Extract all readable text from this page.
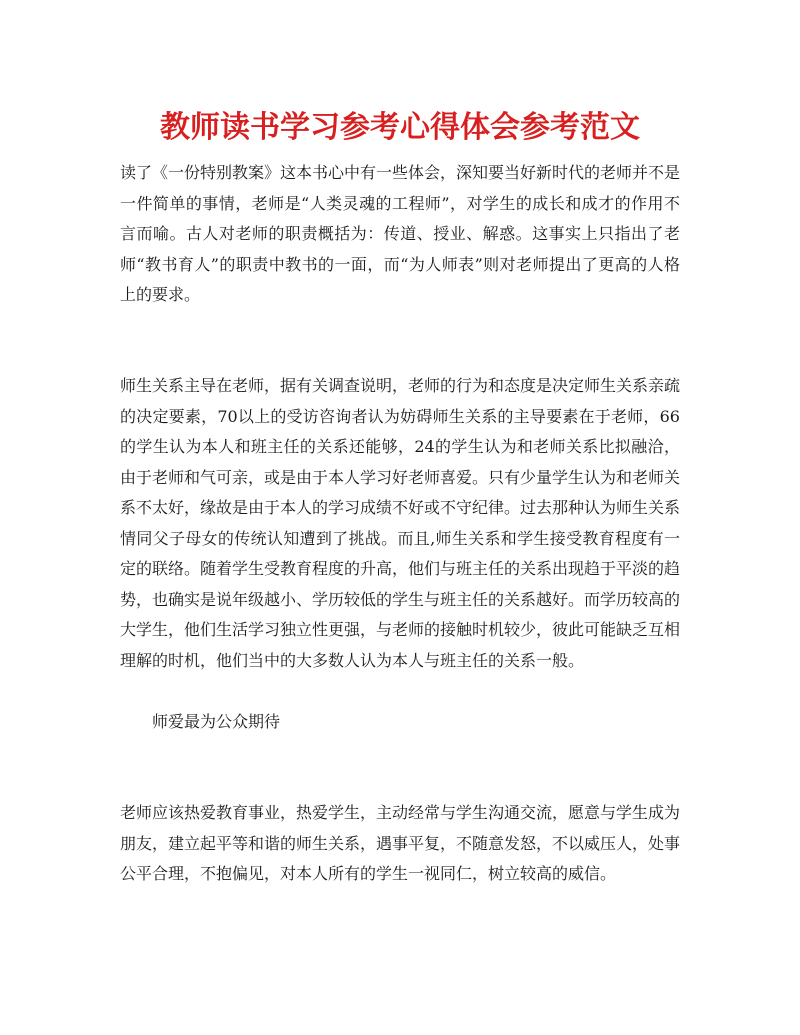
教师读书学习参考心得体会参考范文

读了《一份特别教案》这本书心中有一些体会，深知要当好新时代的老师并不是一件简单的事情，老师是“人类灵魂的工程师”，对学生的成长和成才的作用不言而喻。古人对老师的职责概括为：传道、授业、解惑。这事实上只指出了老师“教书育人”的职责中教书的一面，而“为人师表”则对老师提出了更高的人格上的要求。

师生关系主导在老师，据有关调查说明，老师的行为和态度是决定师生关系亲疏的决定要素，70以上的受访咨询者认为妨碍师生关系的主导要素在于老师，66的学生认为本人和班主任的关系还能够，24的学生认为和老师关系比拟融洽，由于老师和气可亲，或是由于本人学习好老师喜爱。只有少量学生认为和老师关系不太好，缘故是由于本人的学习成绩不好或不守纪律。过去那种认为师生关系情同父子母女的传统认知遭到了挑战。而且,师生关系和学生接受教育程度有一定的联络。随着学生受教育程度的升高，他们与班主任的关系出现趋于平淡的趋势，也确实是说年级越小、学历较低的学生与班主任的关系越好。而学历较高的大学生，他们生活学习独立性更强，与老师的接触时机较少，彼此可能缺乏互相理解的时机，他们当中的大多数人认为本人与班主任的关系一般。

师爱最为公众期待

老师应该热爱教育事业，热爱学生，主动经常与学生沟通交流，愿意与学生成为朋友，建立起平等和谐的师生关系，遇事平复，不随意发怒，不以威压人，处事公平合理，不抱偏见，对本人所有的学生一视同仁，树立较高的威信。
